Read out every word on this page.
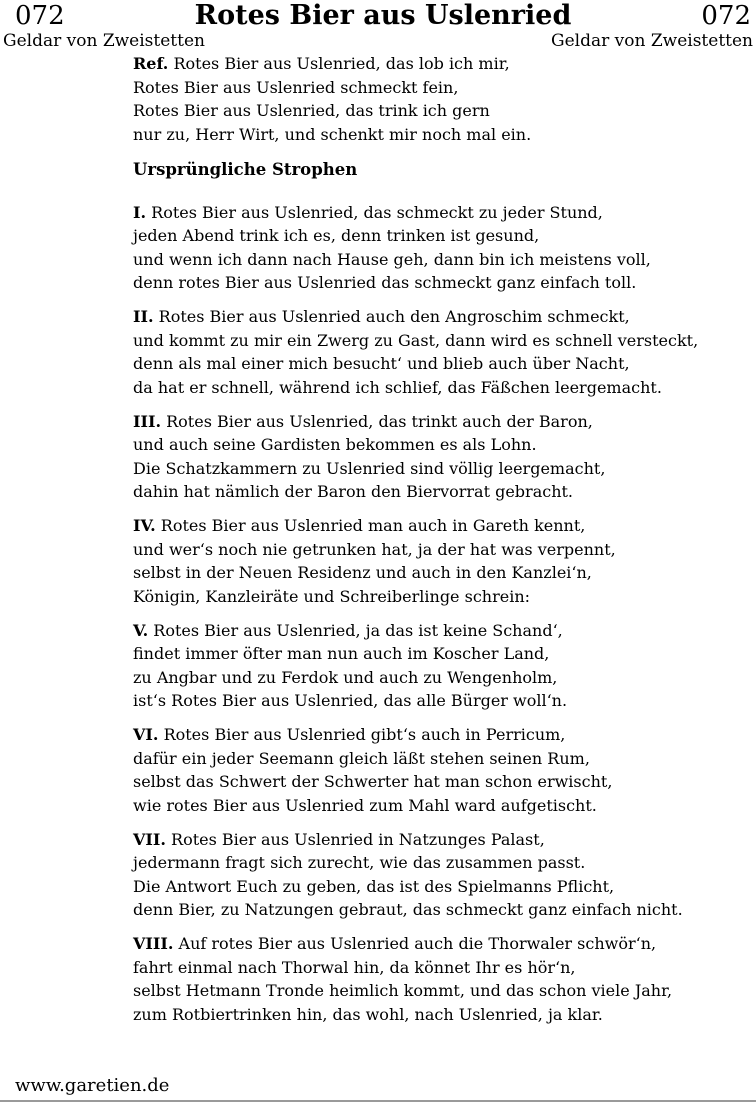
072	Rotes Bier aus Uslenried	072
Geldar von Zweistetten	Geldar von Zweistetten
Ref. Rotes Bier aus Uslenried, das lob ich mir,
Rotes Bier aus Uslenried schmeckt fein,
Rotes Bier aus Uslenried, das trink ich gern
nur zu, Herr Wirt, und schenkt mir noch mal ein.
Ursprüngliche Strophen
I. Rotes Bier aus Uslenried, das schmeckt zu jeder Stund,
jeden Abend trink ich es, denn trinken ist gesund,
und wenn ich dann nach Hause geh, dann bin ich meistens voll,
denn rotes Bier aus Uslenried das schmeckt ganz einfach toll.
II. Rotes Bier aus Uslenried auch den Angroschim schmeckt,
und kommt zu mir ein Zwerg zu Gast, dann wird es schnell versteckt,
denn als mal einer mich besucht‘ und blieb auch über Nacht,
da hat er schnell, während ich schlief, das Fäßchen leergemacht.
III. Rotes Bier aus Uslenried, das trinkt auch der Baron,
und auch seine Gardisten bekommen es als Lohn.
Die Schatzkammern zu Uslenried sind völlig leergemacht,
dahin hat nämlich der Baron den Biervorrat gebracht.
IV. Rotes Bier aus Uslenried man auch in Gareth kennt,
und wer‘s noch nie getrunken hat, ja der hat was verpennt,
selbst in der Neuen Residenz und auch in den Kanzlei‘n,
Königin, Kanzleiräte und Schreiberlinge schrein:
V. Rotes Bier aus Uslenried, ja das ist keine Schand‘,
findet immer öfter man nun auch im Koscher Land,
zu Angbar und zu Ferdok und auch zu Wengenholm,
ist‘s Rotes Bier aus Uslenried, das alle Bürger woll‘n.
VI. Rotes Bier aus Uslenried gibt‘s auch in Perricum,
dafür ein jeder Seemann gleich läßt stehen seinen Rum,
selbst das Schwert der Schwerter hat man schon erwischt,
wie rotes Bier aus Uslenried zum Mahl ward aufgetischt.
VII. Rotes Bier aus Uslenried in Natzunges Palast,
jedermann fragt sich zurecht, wie das zusammen passt.
Die Antwort Euch zu geben, das ist des Spielmanns Pflicht,
denn Bier, zu Natzungen gebraut, das schmeckt ganz einfach nicht.
VIII. Auf rotes Bier aus Uslenried auch die Thorwaler schwör‘n,
fahrt einmal nach Thorwal hin, da könnet Ihr es hör‘n,
selbst Hetmann Tronde heimlich kommt, und das schon viele Jahr,
zum Rotbiertrinken hin, das wohl, nach Uslenried, ja klar.
www.garetien.de
